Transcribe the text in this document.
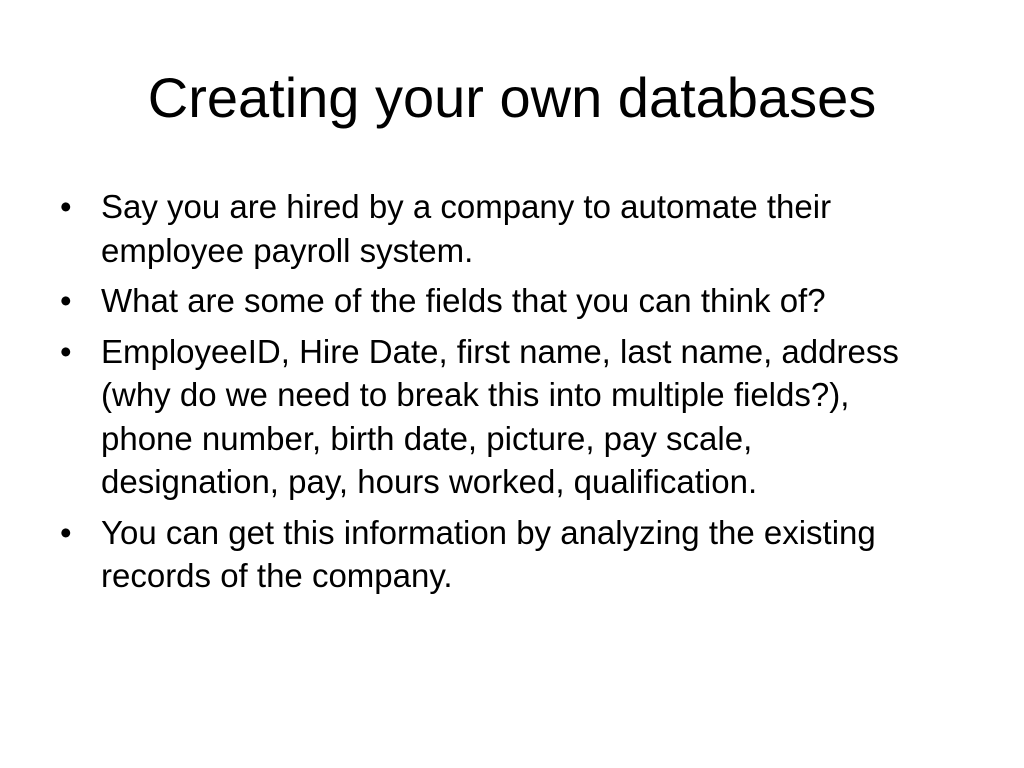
Creating your own databases
• Say you are hired by a company to automate their employee payroll system.
• What are some of the fields that you can think of?
• EmployeeID, Hire Date, first name, last name, address (why do we need to break this into multiple fields?), phone number, birth date, picture, pay scale, designation, pay, hours worked, qualification.
• You can get this information by analyzing the existing records of the company.
